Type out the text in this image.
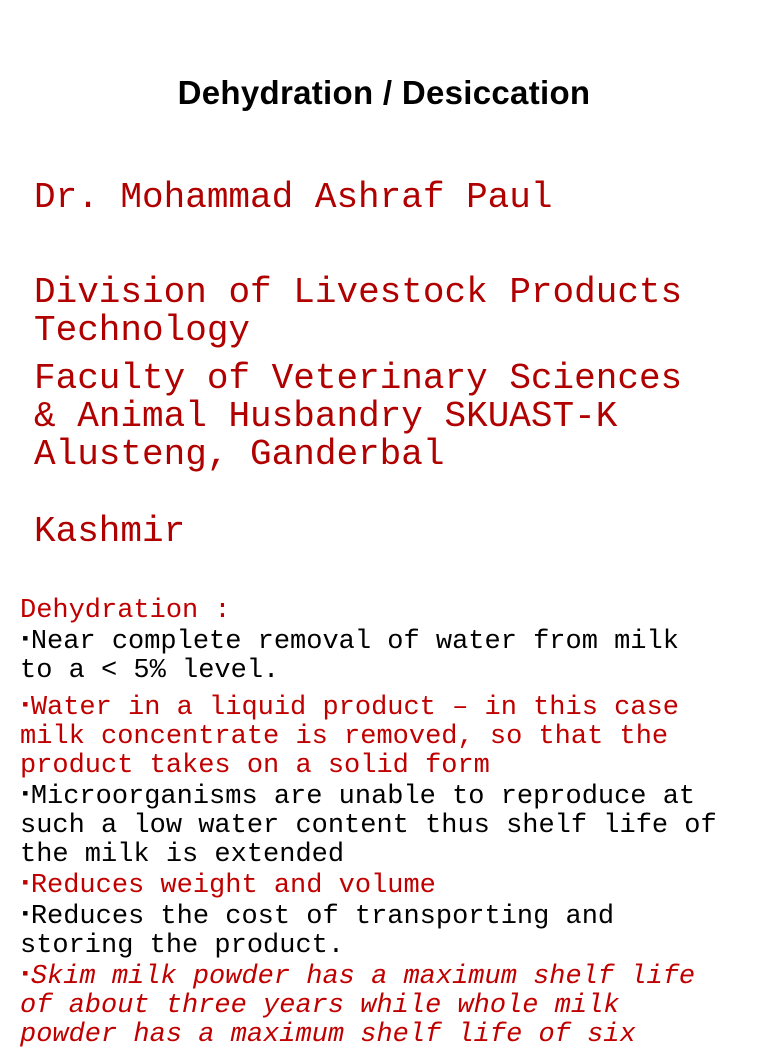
Dehydration / Desiccation
Dr. Mohammad Ashraf Paul
Division of Livestock Products
Technology
Faculty of Veterinary Sciences
& Animal Husbandry SKUAST-K
Alusteng, Ganderbal
Kashmir
Dehydration :
▪Near complete removal of water from milk
to a < 5% level.
▪Water in a liquid product – in this case
milk concentrate is removed, so that the
product takes on a solid form
▪Microorganisms are unable to reproduce at
such a low water content thus shelf life of
the milk is extended
▪Reduces weight and volume
▪Reduces the cost of transporting and
storing the product.
▪Skim milk powder has a maximum shelf life
of about three years while whole milk
powder has a maximum shelf life of six
